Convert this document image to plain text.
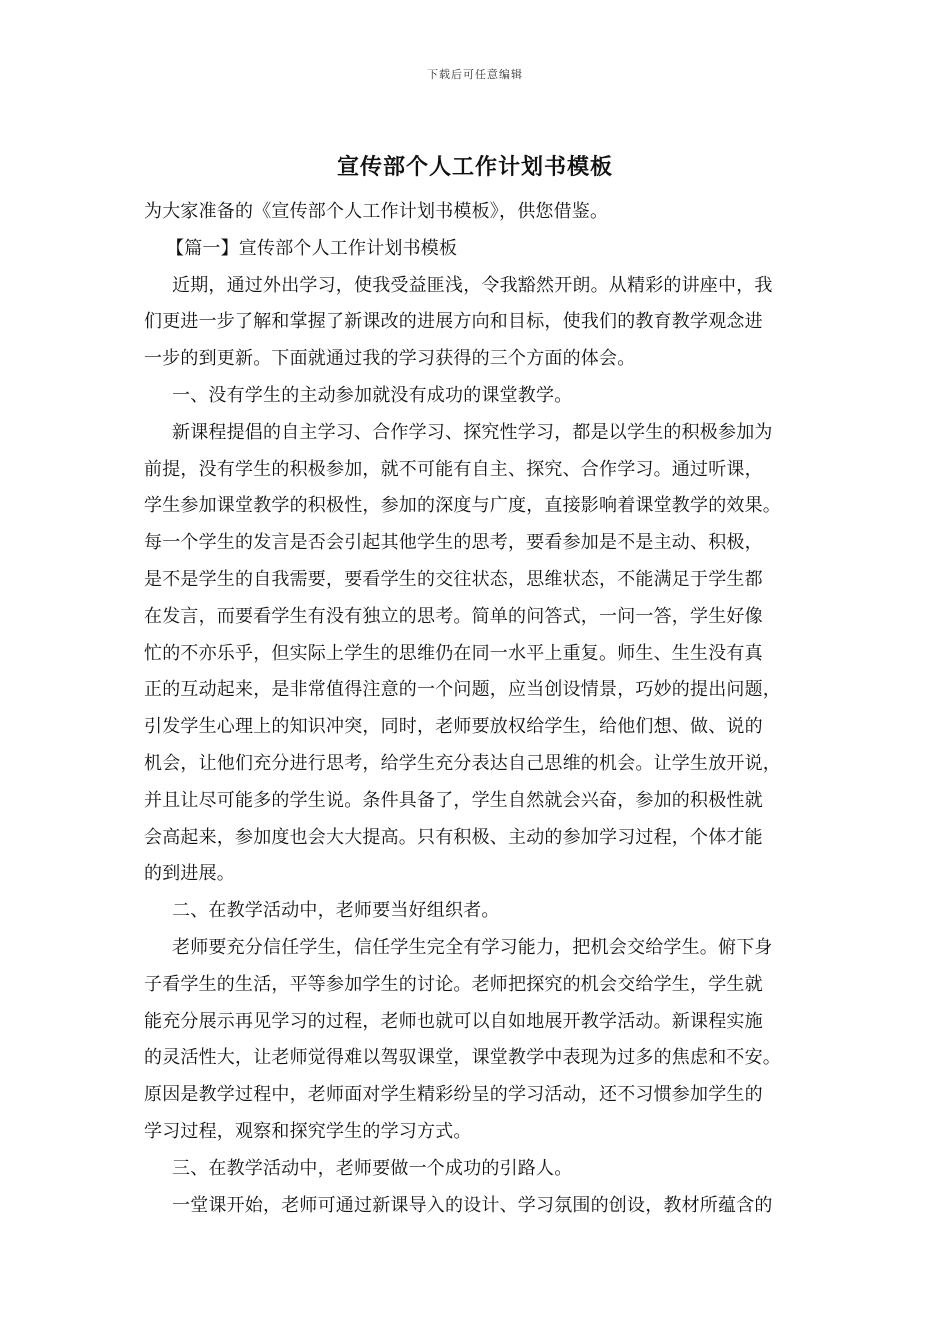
下载后可任意编辑
宣传部个人工作计划书模板
为大家准备的《宣传部个人工作计划书模板》，供您借鉴。
【篇一】宣传部个人工作计划书模板
近期，通过外出学习，使我受益匪浅，令我豁然开朗。从精彩的讲座中，我
们更进一步了解和掌握了新课改的进展方向和目标，使我们的教育教学观念进
一步的到更新。下面就通过我的学习获得的三个方面的体会。
一、没有学生的主动参加就没有成功的课堂教学。
新课程提倡的自主学习、合作学习、探究性学习，都是以学生的积极参加为
前提，没有学生的积极参加，就不可能有自主、探究、合作学习。通过听课，
学生参加课堂教学的积极性，参加的深度与广度，直接影响着课堂教学的效果。
每一个学生的发言是否会引起其他学生的思考，要看参加是不是主动、积极，
是不是学生的自我需要，要看学生的交往状态，思维状态，不能满足于学生都
在发言，而要看学生有没有独立的思考。简单的问答式，一问一答，学生好像
忙的不亦乐乎，但实际上学生的思维仍在同一水平上重复。师生、生生没有真
正的互动起来，是非常值得注意的一个问题，应当创设情景，巧妙的提出问题，
引发学生心理上的知识冲突，同时，老师要放权给学生，给他们想、做、说的
机会，让他们充分进行思考，给学生充分表达自己思维的机会。让学生放开说，
并且让尽可能多的学生说。条件具备了，学生自然就会兴奋，参加的积极性就
会高起来，参加度也会大大提高。只有积极、主动的参加学习过程，个体才能
的到进展。
二、在教学活动中，老师要当好组织者。
老师要充分信任学生，信任学生完全有学习能力，把机会交给学生。俯下身
子看学生的生活，平等参加学生的讨论。老师把探究的机会交给学生，学生就
能充分展示再见学习的过程，老师也就可以自如地展开教学活动。新课程实施
的灵活性大，让老师觉得难以驾驭课堂，课堂教学中表现为过多的焦虑和不安。
原因是教学过程中，老师面对学生精彩纷呈的学习活动，还不习惯参加学生的
学习过程，观察和探究学生的学习方式。
三、在教学活动中，老师要做一个成功的引路人。
一堂课开始，老师可通过新课导入的设计、学习氛围的创设，教材所蕴含的
